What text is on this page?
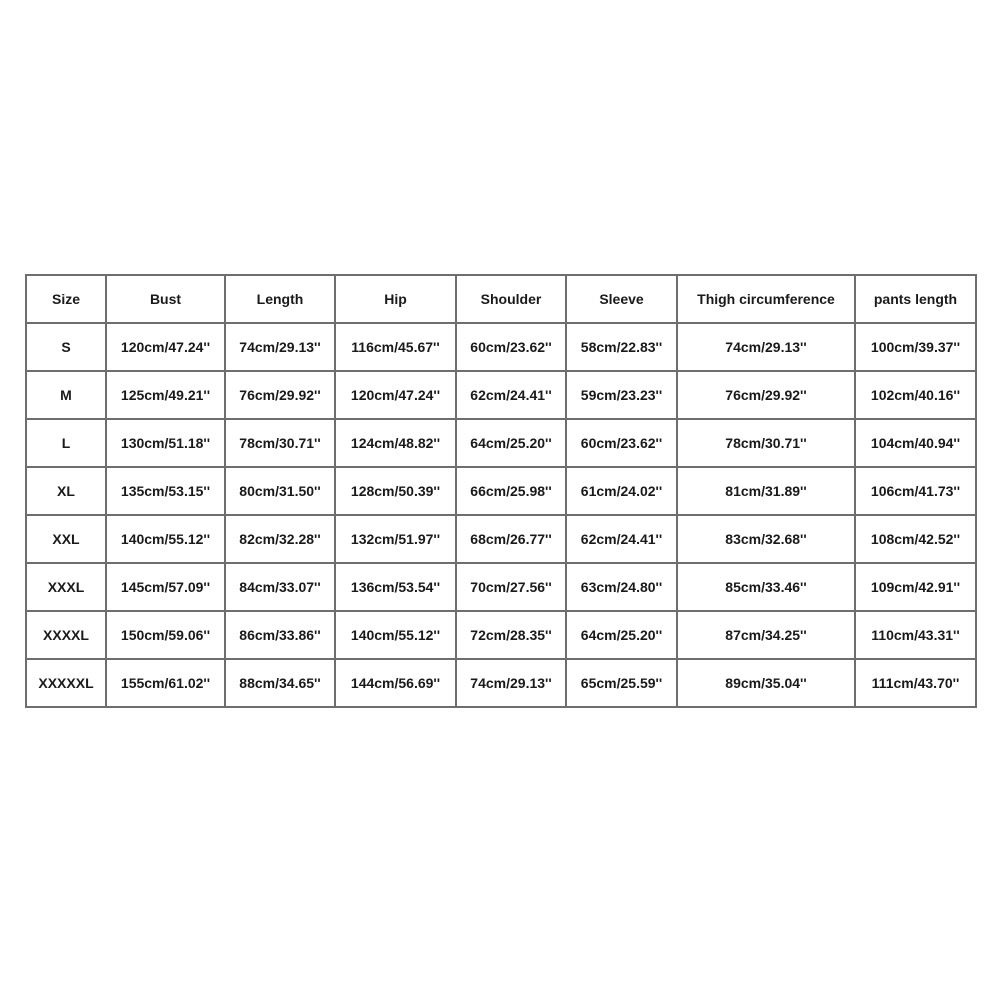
Size	Bust	Length	Hip	Shoulder	Sleeve	Thigh circumference	pants length
S	120cm/47.24''	74cm/29.13''	116cm/45.67''	60cm/23.62''	58cm/22.83''	74cm/29.13''	100cm/39.37''
M	125cm/49.21''	76cm/29.92''	120cm/47.24''	62cm/24.41''	59cm/23.23''	76cm/29.92''	102cm/40.16''
L	130cm/51.18''	78cm/30.71''	124cm/48.82''	64cm/25.20''	60cm/23.62''	78cm/30.71''	104cm/40.94''
XL	135cm/53.15''	80cm/31.50''	128cm/50.39''	66cm/25.98''	61cm/24.02''	81cm/31.89''	106cm/41.73''
XXL	140cm/55.12''	82cm/32.28''	132cm/51.97''	68cm/26.77''	62cm/24.41''	83cm/32.68''	108cm/42.52''
XXXL	145cm/57.09''	84cm/33.07''	136cm/53.54''	70cm/27.56''	63cm/24.80''	85cm/33.46''	109cm/42.91''
XXXXL	150cm/59.06''	86cm/33.86''	140cm/55.12''	72cm/28.35''	64cm/25.20''	87cm/34.25''	110cm/43.31''
XXXXXL	155cm/61.02''	88cm/34.65''	144cm/56.69''	74cm/29.13''	65cm/25.59''	89cm/35.04''	111cm/43.70''
